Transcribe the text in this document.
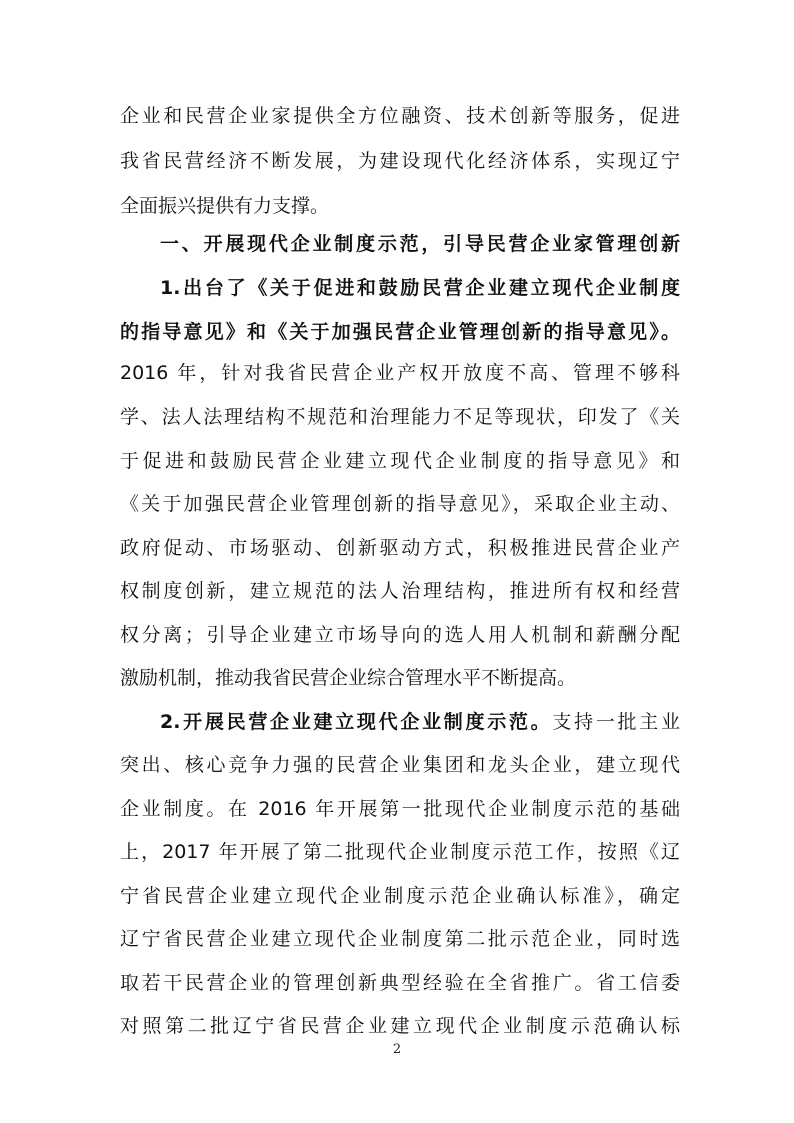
企业和民营企业家提供全方位融资、技术创新等服务，促进
我省民营经济不断发展，为建设现代化经济体系，实现辽宁
全面振兴提供有力支撑。
一、开展现代企业制度示范，引导民营企业家管理创新
1.出台了《关于促进和鼓励民营企业建立现代企业制度
的指导意见》和《关于加强民营企业管理创新的指导意见》。
2016 年，针对我省民营企业产权开放度不高、管理不够科
学、法人法理结构不规范和治理能力不足等现状，印发了《关
于促进和鼓励民营企业建立现代企业制度的指导意见》和
《关于加强民营企业管理创新的指导意见》，采取企业主动、
政府促动、市场驱动、创新驱动方式，积极推进民营企业产
权制度创新，建立规范的法人治理结构，推进所有权和经营
权分离；引导企业建立市场导向的选人用人机制和薪酬分配
激励机制，推动我省民营企业综合管理水平不断提高。
2.开展民营企业建立现代企业制度示范。支持一批主业
突出、核心竞争力强的民营企业集团和龙头企业，建立现代
企业制度。在 2016 年开展第一批现代企业制度示范的基础
上，2017 年开展了第二批现代企业制度示范工作，按照《辽
宁省民营企业建立现代企业制度示范企业确认标准》，确定
辽宁省民营企业建立现代企业制度第二批示范企业，同时选
取若干民营企业的管理创新典型经验在全省推广。省工信委
对照第二批辽宁省民营企业建立现代企业制度示范确认标
2
